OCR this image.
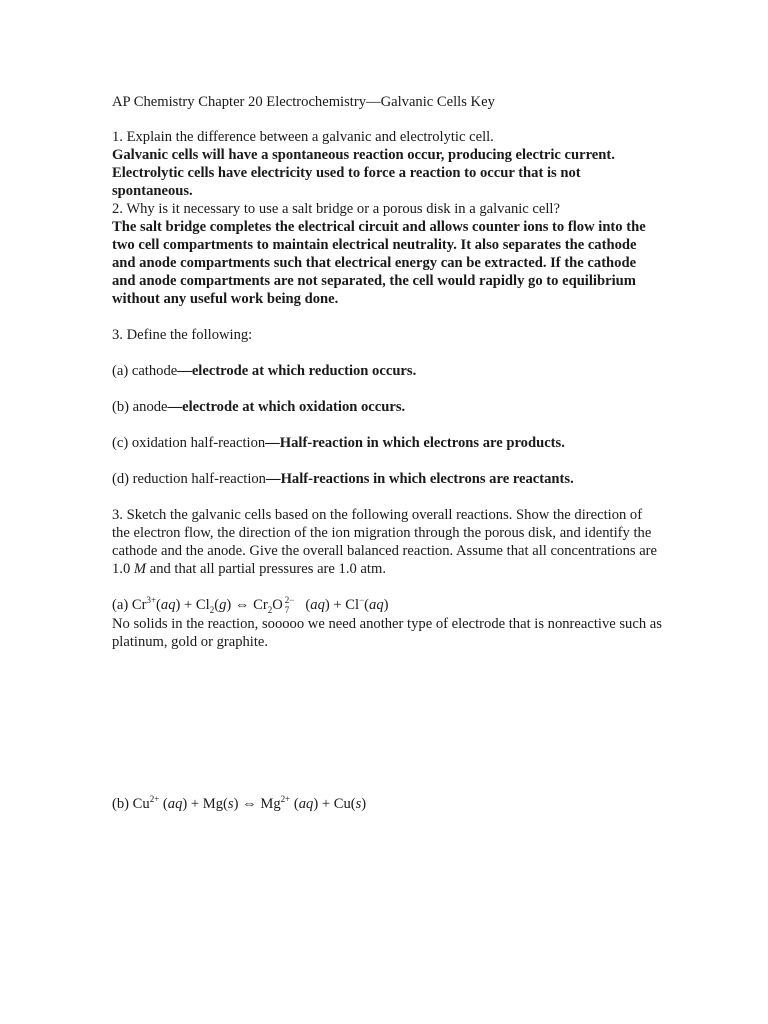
AP Chemistry Chapter 20 Electrochemistry—Galvanic Cells Key

1. Explain the difference between a galvanic and electrolytic cell.

Galvanic cells will have a spontaneous reaction occur, producing electric current.

Electrolytic cells have electricity used to force a reaction to occur that is not

spontaneous.

2. Why is it necessary to use a salt bridge or a porous disk in a galvanic cell?

The salt bridge completes the electrical circuit and allows counter ions to flow into the two cell compartments to maintain electrical neutrality. It also separates the cathode and anode compartments such that electrical energy can be extracted. If the cathode and anode compartments are not separated, the cell would rapidly go to equilibrium without any useful work being done.

3. Define the following:

(a) cathode—electrode at which reduction occurs.

(b) anode—electrode at which oxidation occurs.

(c) oxidation half-reaction—Half-reaction in which electrons are products.

(d) reduction half-reaction—Half-reactions in which electrons are reactants.

3. Sketch the galvanic cells based on the following overall reactions. Show the direction of the electron flow, the direction of the ion migration through the porous disk, and identify the cathode and the anode. Give the overall balanced reaction. Assume that all concentrations are 1.0 M and that all partial pressures are 1.0 atm.

(a) $Cr^{3+}(aq) + Cl_2(g)$ ⇔ $Cr_2O$ 2−
7 (aq) + Cl−(aq)

No solids in the reaction, sooooo we need another type of electrode that is nonreactive such as platinum, gold or graphite.

(b) $Cu^{2+}$ (aq) + Mg(s) ⇔ $Mg^{2+}$ (aq) + Cu(s)
